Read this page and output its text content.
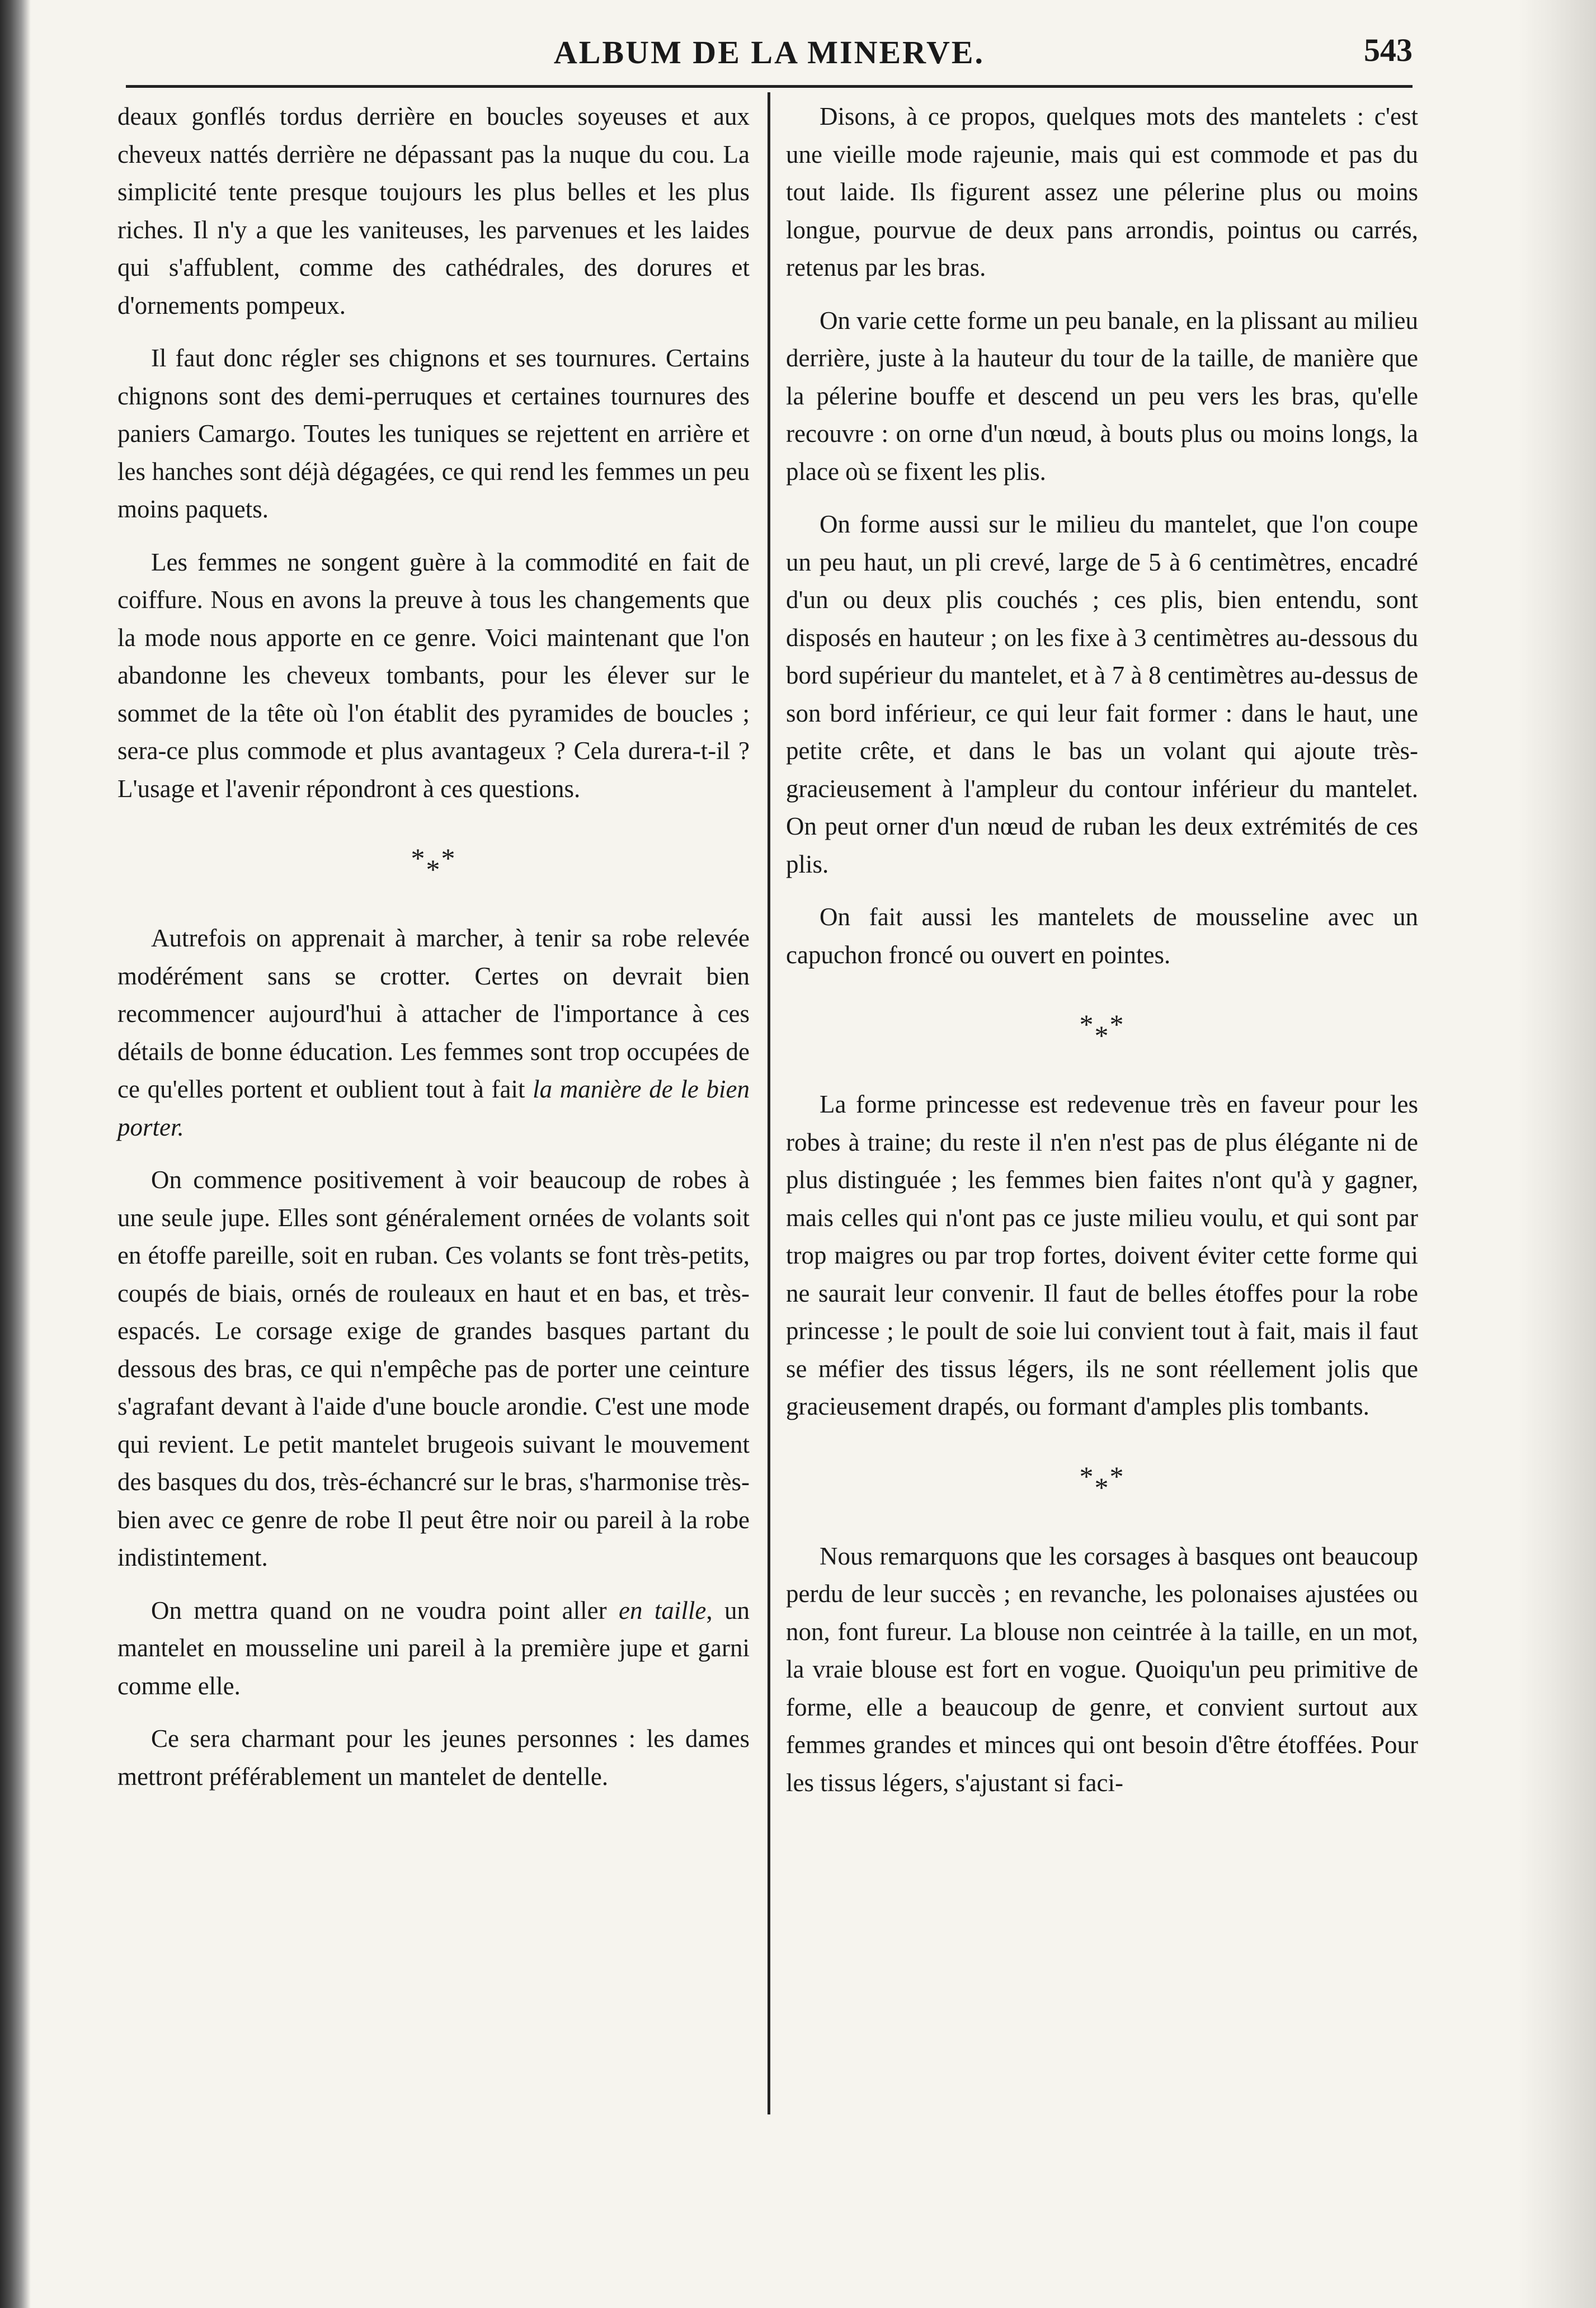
ALBUM DE LA MINERVE.	543

deaux gonflés tordus derrière en boucles soyeuses et aux cheveux nattés derrière ne dépassant pas la nuque du cou. La simplicité tente presque toujours les plus belles et les plus riches. Il n'y a que les vaniteuses, les parvenues et les laides qui s'affublent, comme des cathédrales, des dorures et d'ornements pompeux.

Il faut donc régler ses chignons et ses tournures. Certains chignons sont des demi-perruques et certaines tournures des paniers Camargo. Toutes les tuniques se rejettent en arrière et les hanches sont déjà dégagées, ce qui rend les femmes un peu moins paquets.

Les femmes ne songent guère à la commodité en fait de coiffure. Nous en avons la preuve à tous les changements que la mode nous apporte en ce genre. Voici maintenant que l'on abandonne les cheveux tombants, pour les élever sur le sommet de la tête où l'on établit des pyramides de boucles ; sera-ce plus commode et plus avantageux ? Cela durera-t-il ? L'usage et l'avenir répondront à ces questions.

***

Autrefois on apprenait à marcher, à tenir sa robe relevée modérément sans se crotter. Certes on devrait bien recommencer aujourd'hui à attacher de l'importance à ces détails de bonne éducation. Les femmes sont trop occupées de ce qu'elles portent et oublient tout à fait la manière de le bien porter.

On commence positivement à voir beaucoup de robes à une seule jupe. Elles sont généralement ornées de volants soit en étoffe pareille, soit en ruban. Ces volants se font très-petits, coupés de biais, ornés de rouleaux en haut et en bas, et très-espacés. Le corsage exige de grandes basques partant du dessous des bras, ce qui n'empêche pas de porter une ceinture s'agrafant devant à l'aide d'une boucle arondie. C'est une mode qui revient. Le petit mantelet brugeois suivant le mouvement des basques du dos, très-échancré sur le bras, s'harmonise très-bien avec ce genre de robe Il peut être noir ou pareil à la robe indistintement.

On mettra quand on ne voudra point aller en taille, un mantelet en mousseline uni pareil à la première jupe et garni comme elle.

Ce sera charmant pour les jeunes personnes : les dames mettront préférablement un mantelet de dentelle.

Disons, à ce propos, quelques mots des mantelets : c'est une vieille mode rajeunie, mais qui est commode et pas du tout laide. Ils figurent assez une pélerine plus ou moins longue, pourvue de deux pans arrondis, pointus ou carrés, retenus par les bras.

On varie cette forme un peu banale, en la plissant au milieu derrière, juste à la hauteur du tour de la taille, de manière que la pélerine bouffe et descend un peu vers les bras, qu'elle recouvre : on orne d'un nœud, à bouts plus ou moins longs, la place où se fixent les plis.

On forme aussi sur le milieu du mantelet, que l'on coupe un peu haut, un pli crevé, large de 5 à 6 centimètres, encadré d'un ou deux plis couchés ; ces plis, bien entendu, sont disposés en hauteur ; on les fixe à 3 centimètres au-dessous du bord supérieur du mantelet, et à 7 à 8 centimètres au-dessus de son bord inférieur, ce qui leur fait former : dans le haut, une petite crête, et dans le bas un volant qui ajoute très-gracieusement à l'ampleur du contour inférieur du mantelet. On peut orner d'un nœud de ruban les deux extrémités de ces plis.

On fait aussi les mantelets de mousseline avec un capuchon froncé ou ouvert en pointes.

***

La forme princesse est redevenue très en faveur pour les robes à traine; du reste il n'en n'est pas de plus élégante ni de plus distinguée ; les femmes bien faites n'ont qu'à y gagner, mais celles qui n'ont pas ce juste milieu voulu, et qui sont par trop maigres ou par trop fortes, doivent éviter cette forme qui ne saurait leur convenir. Il faut de belles étoffes pour la robe princesse ; le poult de soie lui convient tout à fait, mais il faut se méfier des tissus légers, ils ne sont réellement jolis que gracieusement drapés, ou formant d'amples plis tombants.

***

Nous remarquons que les corsages à basques ont beaucoup perdu de leur succès ; en revanche, les polonaises ajustées ou non, font fureur. La blouse non ceintrée à la taille, en un mot, la vraie blouse est fort en vogue. Quoiqu'un peu primitive de forme, elle a beaucoup de genre, et convient surtout aux femmes grandes et minces qui ont besoin d'être étoffées. Pour les tissus légers, s'ajustant si faci-
